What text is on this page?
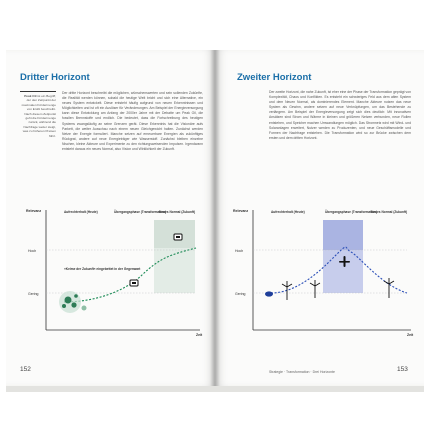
Dritter Horizont
Peak Oil ist ein Begriff, der den Zeitpunkt der maximalen Fördermenge von Erdöl beschreibt. Nach diesem Zeitpunkt geht die Fördermenge zurück, während die Nachfrage weiter steigt, was zu höheren Preisen führt.
Der dritte Horizont beschreibt die möglichen, wünschenswerten und sein sollenden Zukünfte, die Realität werden können, sobald die heutige Welt bricht und sich eine Alternative, ein neues System entwickelt. Diese entsteht häufig aufgrund von neuen Erkenntnissen und Möglichkeiten und ist oft ein Auslöser für Veränderungen. Am Beispiel der Energieversorgung kann diese Entwicklung am Anfang der 2000er Jahre mit der Debatte um Peak Oil, die fossilen Brennstoffe und endlich. Die bedeutet, dass die Fortschreibung des heutigen Systems zwangsläufig an seine Grenzen gerät. Diese Erkenntnis hat die Visionäre aufs Parkett, die weiter Ausschau nach einem neuen Gleichgewicht halten. Zunächst werden Netze der Energie formuliert. Manche setzen auf erneuerbare Energien als zukünftiges Rückgrat, andere auf neue Energieträger wie Wasserstoff. Zunächst bleiben einzelne Nischen, kleine Akteure und Experimente zu den richtungsweisenden Impulsen. Irgendwann entsteht daraus ein neues Normal, also Vision und Wirklichkeit der Zukunft.
Relevanz
Hoch
Gering
Zeit
Aufrechterhalt (Heute)	Übergangsphase (Transformation)
Neues Normal (Zukunft)
»Keime der Zukunft« eingebettet in der Gegenwart
152
Zweiter Horizont
Der zweite Horizont, die nahe Zukunft, ist eher eine der Phase der Transformation geprägt von Komplexität, Chaos und Konflikten. Es entsteht ein schwieriges Feld aus dem alten System und dem Neuen Normal, als dominierendes Element. Manche Akteure nutzen das neue System als Gewinn, andere setzen auf neue Verknüpfungen, um das Bestehende zu verlängern. Am Beispiel der Energieversorgung zeigt sich dies deutlich: Mit innovativen Ansätzen sind Strom und Wärme in kleinen und größeren Netzen verbunden, neue Rollen entstehen, und Speicher machen Umwandlungen möglich. Das Stromnetz wird mit Wind- und Solaranlagen erweitert, Nutzer werden zu Produzenten, und neue Geschäftsmodelle und Formen der Nachfrage entstehen. Die Transformation wird so zur Brücke zwischen dem ersten und dem dritten Horizont.
Relevanz
Hoch
Gering
Zeit
Aufrechterhalt (Heute)	Übergangsphase (Transformation)
Neues Normal (Zukunft)
Strategie · Transformation · Drei Horizonte	153
